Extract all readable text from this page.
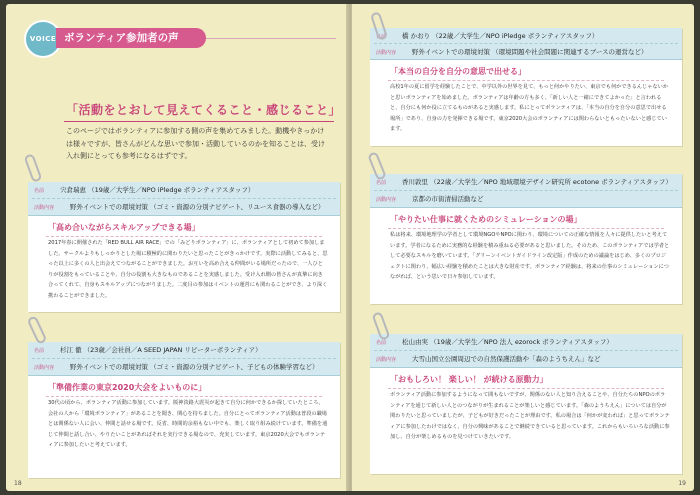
VOICE ボランティア参加者の声
「活動をとおして見えてくること・感じること」
このページではボランティアに参加する側の声を集めてみました。動機やきっかけは様々ですが、皆さんがどんな思いで参加・活動しているのかを知ることは、受け入れ側にとっても参考になるはずです。
名前 宍倉瑞恵 （19歳／大学生／NPO iPledge ボランティアスタッフ）
活動内容 野外イベントでの環境対策 （ゴミ・資源の分別ナビゲート、リユース食器の導入など）
「高め合いながらスキルアップできる場」
2017年春に開催された「RED BULL AIR RACE」での「みどりボランティア」に、ボランティアとして初めて参加しました。サークルよりもしっかりとした場に積極的に関わりたいと思ったことがきっかけです。実際に活動してみると、思った以上に多くの人と出会えてつながることができました。お互いを高め合える仲間がいる場所だったので、一人ひとりが役割をもっていることや、自分の役割も大きなものであることを実感しました。受け入れ側の皆さんが真摯に向き合ってくれて、自身もスキルアップにつながりました。二度目の参加はイベントの運営にも関わることができ、より深く携わることができました。
名前 杉江 徹 （23歳／会社員／A SEED JAPAN リピーターボランティア）
活動内容 野外イベントでの環境対策 （ゴミ・資源の分別ナビゲート、子どもの体験学習など）
「準備作業の東京2020大会をよいものに」
30代の頃から、ボランティア活動に参加しています。阪神淡路大震災が起きて自分に何かできるか探していたところ、会社の人から「環境ボランティア」があることを聞き、関心を持ちました。自分にとってボランティア活動は普段の職場とは関係ない人に会い、仲間と話せる場です。反省、時間的余裕もない中でも、楽しく取り組み続けています。準備を通じて仲間と話し合い、やりたいことがあればそれを実行できる場なので、充実しています。東京2020大会でもボランティアに参加したいと考えています。
18
名前 橋 かおり （22歳／大学生／NPO iPledge ボランティアスタッフ）
活動内容 野外イベントでの環境対策 （環境問題や社会問題に関連するブースの運営など）
「本当の自分を自分の意思で出せる」
高校1年の夏に留学を経験したことで、中学以外の世界を見て、もっと何かやりたい、東京でも何かできるんじゃないかと思いボランティアを始めました。ボランティアは年齢の方も多く、「新しい人と一緒にできてよかった」と言われると、自分にも何か役に立てるものがあると実感します。私にとってボランティアは、「本当の自分を自分の意思で出せる場所」であり、自身の力を発揮できる場です。東京2020大会のボランティアには関わらないともったいないと感じています。
名前 香川敦里 （22歳／大学生／NPO 地域環境デザイン研究所 ecotone ボランティアスタッフ）
活動内容 京都の市街清掃活動など
「やりたい仕事に就くためのシミュレーションの場」
私は将来、環境地理学の学者として環境NGOやNPOに関わり、環境についての正確な情報を人々に提供したいと考えています。学者になるために実務的な経験を積み重ねる必要があると思いました。そのため、このボランティアでは学者として必要なスキルを磨いています。「グリーンイベントガイドライン改定版」作成のための議論をはじめ、多くのプロジェクトに関わり、幅広い経験を積めたことは大きな財産です。ボランティア経験は、将来の仕事のシミュレーションにつながれば、という思いで日々参加しています。
名前 松山由実 （19歳／大学生／NPO 法人 ezorock ボランティアスタッフ）
活動内容 大雪山国立公園周辺での自然保護活動や「森のようちえん」など
「おもしろい！ 楽しい！ が続ける原動力」
ボランティア活動に参加するようになって間もないですが、関係のない人と知り合えることや、自分たちのNPOのボランティアを通じて新しい人とのつながりが生まれることが楽しいと感じています。「森のようちえん」については自分が関わりたいと思っていましたが、子どもが好きだったことが理由です。私の場合は「何かが変われば」と思ってボランティアに参加したわけではなく、自分の興味があることで継続できていると思っています。これからもいろいろな活動に参加し、自分が楽しめるものを見つけていきたいです。
19
